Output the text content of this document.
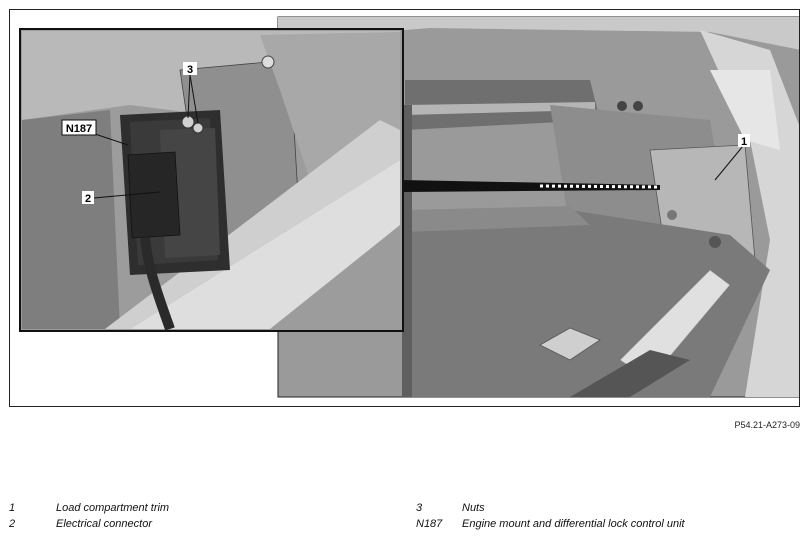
1
2
3
N187
P54.21-A273-09
1	Load compartment trim
2	Electrical connector
3	Nuts
N187 Engine mount and differential lock control unit
